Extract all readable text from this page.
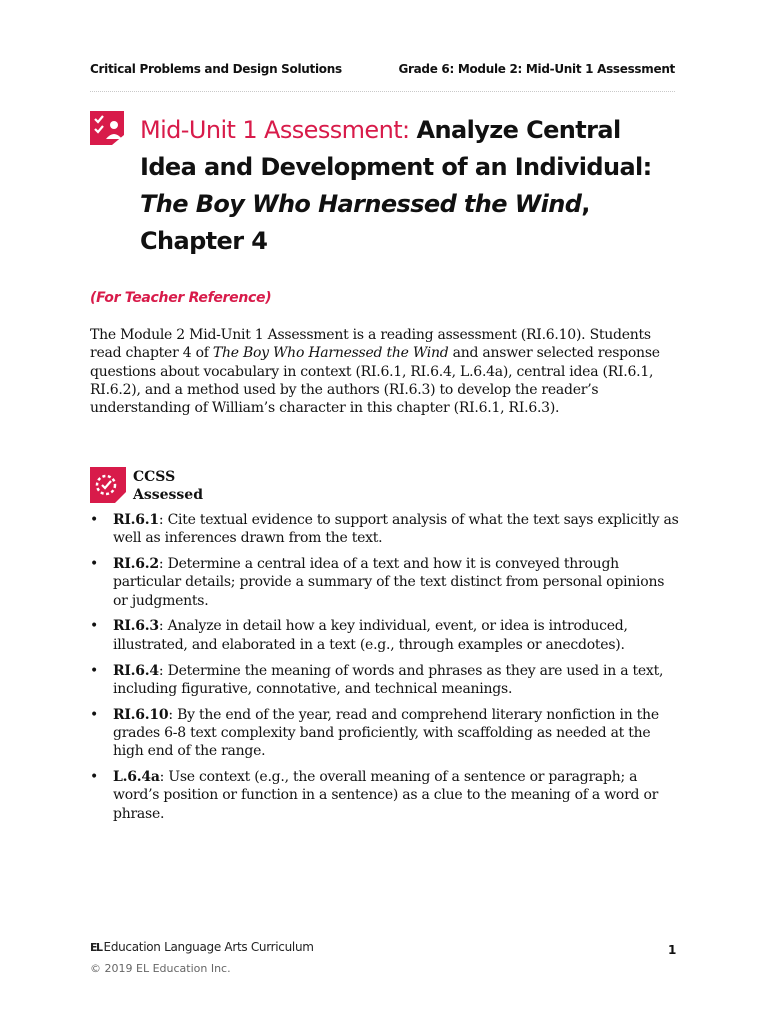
Critical Problems and Design Solutions	Grade 6: Module 2: Mid-Unit 1 Assessment
Mid-Unit 1 Assessment: Analyze Central
Idea and Development of an Individual:
The Boy Who Harnessed the Wind,
Chapter 4
(For Teacher Reference)

The Module 2 Mid-Unit 1 Assessment is a reading assessment (RI.6.10). Students read chapter 4 of The Boy Who Harnessed the Wind and answer selected response questions about vocabulary in context (RI.6.1, RI.6.4, L.6.4a), central idea (RI.6.1, RI.6.2), and a method used by the authors (RI.6.3) to develop the reader’s understanding of William’s character in this chapter (RI.6.1, RI.6.3).

CCSS
Assessed
• RI.6.1: Cite textual evidence to support analysis of what the text says explicitly as well as inferences drawn from the text.
• RI.6.2: Determine a central idea of a text and how it is conveyed through particular details; provide a summary of the text distinct from personal opinions or judgments.
• RI.6.3: Analyze in detail how a key individual, event, or idea is introduced, illustrated, and elaborated in a text (e.g., through examples or anecdotes).
• RI.6.4: Determine the meaning of words and phrases as they are used in a text, including figurative, connotative, and technical meanings.
• RI.6.10: By the end of the year, read and comprehend literary nonfiction in the grades 6-8 text complexity band proficiently, with scaffolding as needed at the high end of the range.
• L.6.4a: Use context (e.g., the overall meaning of a sentence or paragraph; a word’s position or function in a sentence) as a clue to the meaning of a word or phrase.
EL Education Language Arts Curriculum
© 2019 EL Education Inc.
1
